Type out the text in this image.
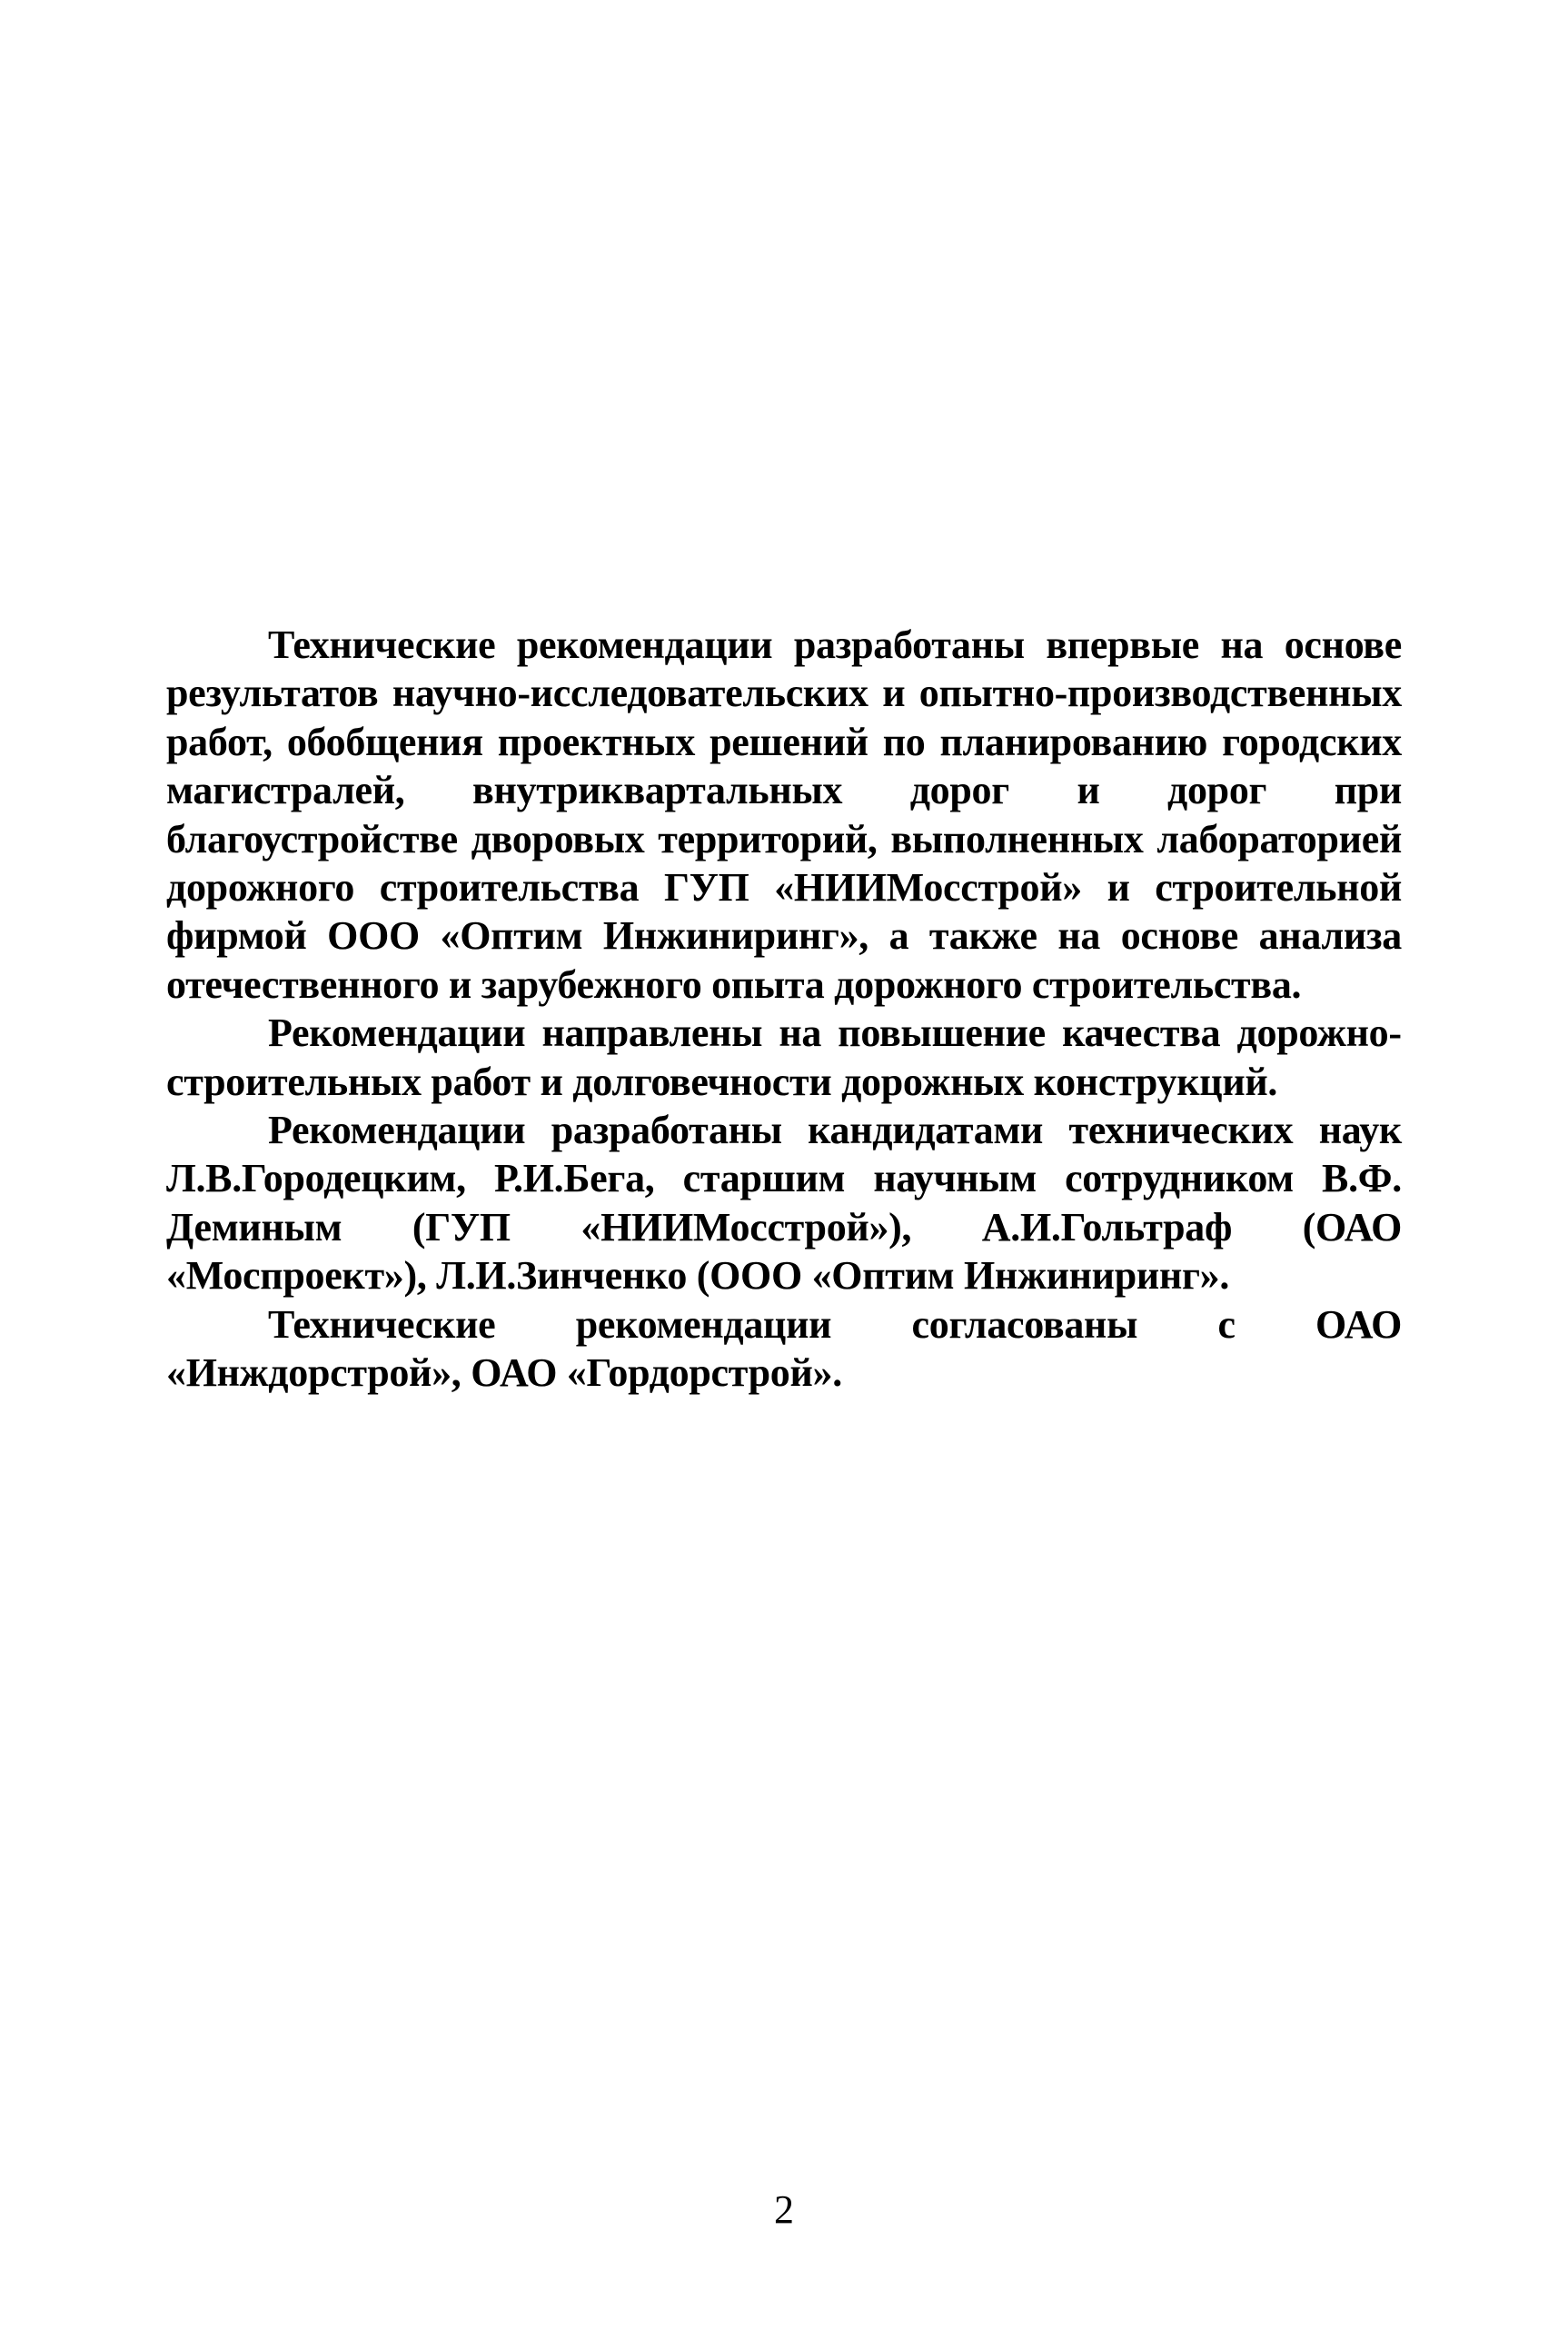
Технические рекомендации разработаны впервые на основе результатов научно-исследовательских и опытно-производственных работ, обобщения проектных решений по планированию городских магистралей, внутриквартальных дорог и дорог при благоустройстве дворовых территорий, выполненных лабораторией дорожного строительства ГУП «НИИМосстрой» и строительной фирмой ООО «Оптим Инжиниринг», а также на основе анализа отечественного и зарубежного опыта дорожного строительства.

Рекомендации направлены на повышение качества дорожностроительных работ и долговечности дорожных конструкций.

Рекомендации разработаны кандидатами технических наук Л.В.Городецким, Р.И.Бега, старшим научным сотрудником В.Ф. Деминым (ГУП «НИИМосстрой»), А.И.Гольтраф (ОАО «Моспроект»), Л.И.Зинченко (ООО «Оптим Инжиниринг».

Технические рекомендации согласованы с ОАО «Инждорстрой», ОАО «Гордорстрой».

2
